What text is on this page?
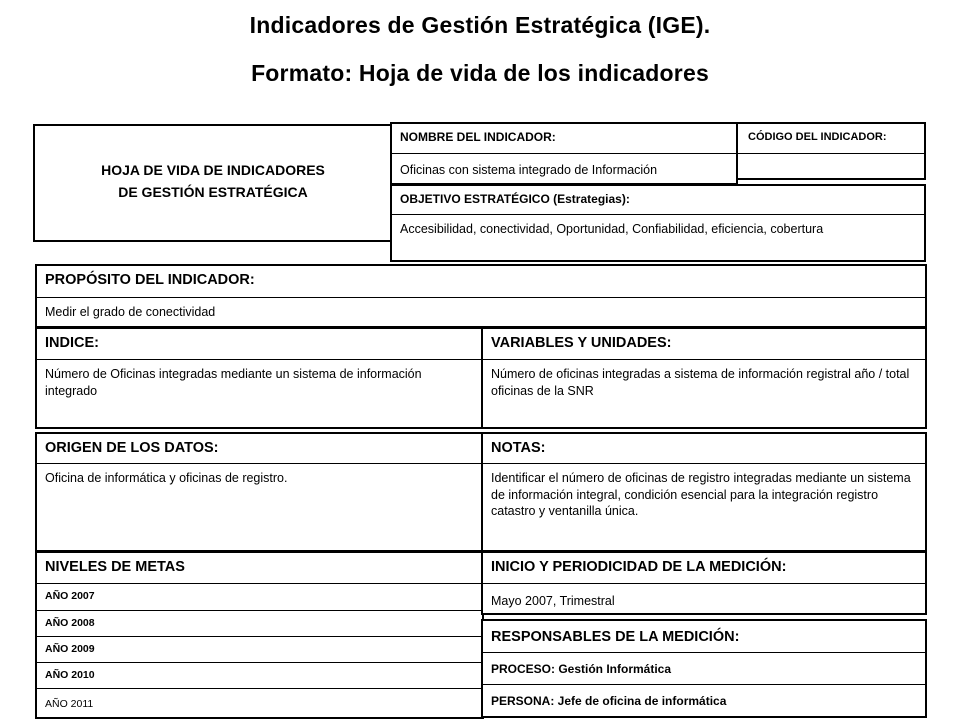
Indicadores de Gestión Estratégica (IGE).
Formato: Hoja de vida de los indicadores
HOJA DE VIDA DE INDICADORES
DE GESTIÓN ESTRATÉGICA
NOMBRE DEL INDICADOR:
Oficinas con sistema integrado de Información
CÓDIGO DEL INDICADOR:
OBJETIVO ESTRATÉGICO (Estrategias):
Accesibilidad, conectividad, Oportunidad, Confiabilidad, eficiencia, cobertura
PROPÓSITO DEL INDICADOR:
Medir el grado de conectividad
INDICE:
Número de Oficinas integradas mediante un sistema de información integrado
VARIABLES Y UNIDADES:
Número de oficinas integradas a sistema de información registral año / total oficinas de la SNR
ORIGEN DE LOS DATOS:
Oficina de informática y oficinas de registro.
NOTAS:
Identificar el número de oficinas de registro integradas mediante un sistema de información integral, condición esencial para la integración registro catastro y ventanilla única.
NIVELES DE METAS
AÑO 2007
AÑO 2008
AÑO 2009
AÑO 2010
AÑO 2011
INICIO Y PERIODICIDAD DE LA MEDICIÓN:
Mayo 2007, Trimestral
RESPONSABLES DE LA MEDICIÓN:
PROCESO: Gestión Informática
PERSONA: Jefe de oficina de informática
